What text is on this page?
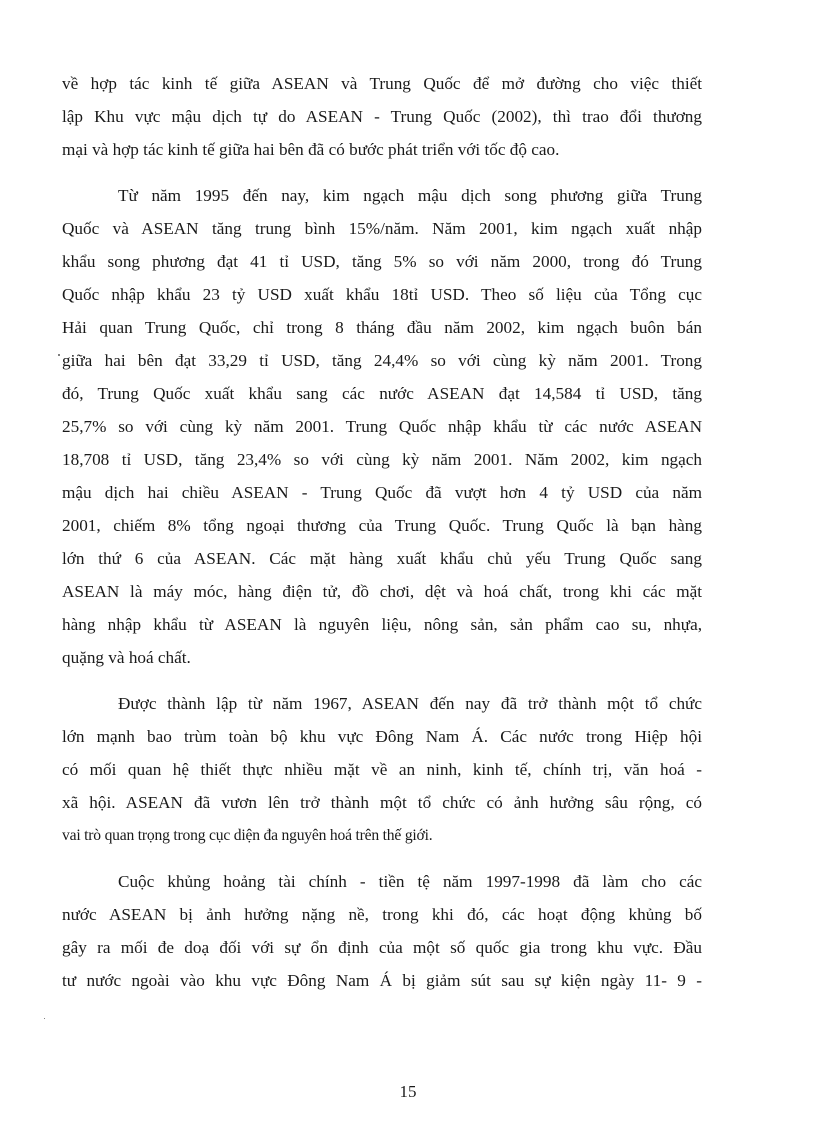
về hợp tác kinh tế giữa ASEAN và Trung Quốc để mở đường cho việc thiết
lập Khu vực mậu dịch tự do ASEAN - Trung Quốc (2002), thì trao đổi thương
mại và hợp tác kinh tế giữa hai bên đã có bước phát triển với tốc độ cao.
Từ năm 1995 đến nay, kim ngạch mậu dịch song phương giữa Trung
Quốc và ASEAN tăng trung bình 15%/năm. Năm 2001, kim ngạch xuất nhập
khẩu song phương đạt 41 tỉ USD, tăng 5% so với năm 2000, trong đó Trung
Quốc nhập khẩu 23 tỷ USD xuất khẩu 18tỉ USD. Theo số liệu của Tổng cục
Hải quan Trung Quốc, chỉ trong 8 tháng đầu năm 2002, kim ngạch buôn bán
giữa hai bên đạt 33,29 tỉ USD, tăng 24,4% so với cùng kỳ năm 2001. Trong
đó, Trung Quốc xuất khẩu sang các nước ASEAN đạt 14,584 tỉ USD, tăng
25,7% so với cùng kỳ năm 2001. Trung Quốc nhập khẩu từ các nước ASEAN
18,708 tỉ USD, tăng 23,4% so với cùng kỳ năm 2001. Năm 2002, kim ngạch
mậu dịch hai chiều ASEAN - Trung Quốc đã vượt hơn 4 tỷ USD của năm
2001, chiếm 8% tổng ngoại thương của Trung Quốc. Trung Quốc là bạn hàng
lớn thứ 6 của ASEAN. Các mặt hàng xuất khẩu chủ yếu Trung Quốc sang
ASEAN là máy móc, hàng điện tử, đồ chơi, dệt và hoá chất, trong khi các mặt
hàng nhập khẩu từ ASEAN là nguyên liệu, nông sản, sản phẩm cao su, nhựa,
quặng và hoá chất.
Được thành lập từ năm 1967, ASEAN đến nay đã trở thành một tổ chức
lớn mạnh bao trùm toàn bộ khu vực Đông Nam Á. Các nước trong Hiệp hội
có mối quan hệ thiết thực nhiều mặt về an ninh, kinh tế, chính trị, văn hoá -
xã hội. ASEAN đã vươn lên trở thành một tổ chức có ảnh hưởng sâu rộng, có
vai trò quan trọng trong cục diện đa nguyên hoá trên thế giới.
Cuộc khủng hoảng tài chính - tiền tệ năm 1997-1998 đã làm cho các
nước ASEAN bị ảnh hưởng nặng nề, trong khi đó, các hoạt động khủng bố
gây ra mối đe doạ đối với sự ổn định của một số quốc gia trong khu vực. Đầu
tư nước ngoài vào khu vực Đông Nam Á bị giảm sút sau sự kiện ngày 11- 9 -
15
